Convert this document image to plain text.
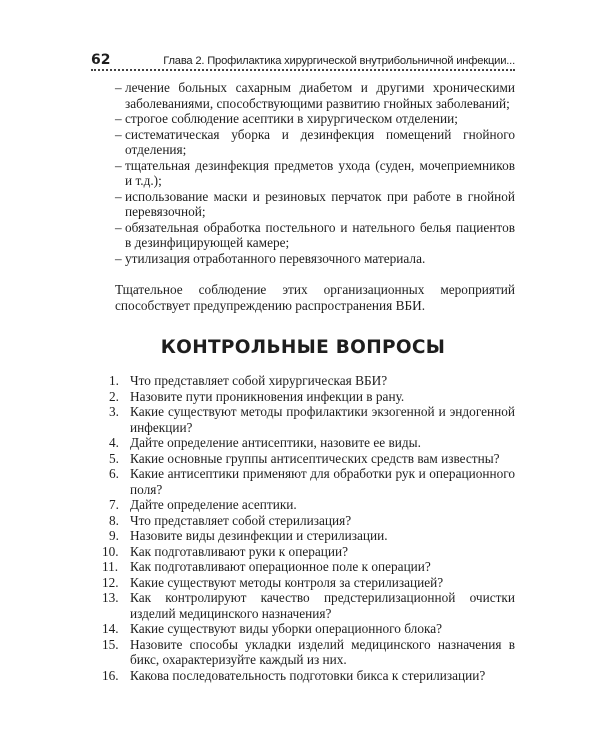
62	Глава 2. Профилактика хирургической внутрибольничной инфекции...
– лечение больных сахарным диабетом и другими хроническими заболеваниями, способствующими развитию гнойных заболеваний;
– строгое соблюдение асептики в хирургическом отделении;
– систематическая уборка и дезинфекция помещений гнойного отделения;
– тщательная дезинфекция предметов ухода (суден, мочеприемников и т.д.);
– использование маски и резиновых перчаток при работе в гнойной перевязочной;
– обязательная обработка постельного и нательного белья пациентов в дезинфицирующей камере;
– утилизация отработанного перевязочного материала.

Тщательное соблюдение этих организационных мероприятий способствует предупреждению распространения ВБИ.

КОНТРОЛЬНЫЕ ВОПРОСЫ
1. Что представляет собой хирургическая ВБИ?
2. Назовите пути проникновения инфекции в рану.
3. Какие существуют методы профилактики экзогенной и эндогенной инфекции?
4. Дайте определение антисептики, назовите ее виды.
5. Какие основные группы антисептических средств вам известны?
6. Какие антисептики применяют для обработки рук и операционного поля?
7. Дайте определение асептики.
8. Что представляет собой стерилизация?
9. Назовите виды дезинфекции и стерилизации.
10. Как подготавливают руки к операции?
11. Как подготавливают операционное поле к операции?
12. Какие существуют методы контроля за стерилизацией?
13. Как контролируют качество предстерилизационной очистки изделий медицинского назначения?
14. Какие существуют виды уборки операционного блока?
15. Назовите способы укладки изделий медицинского назначения в бикс, охарактеризуйте каждый из них.
16. Какова последовательность подготовки бикса к стерилизации?
